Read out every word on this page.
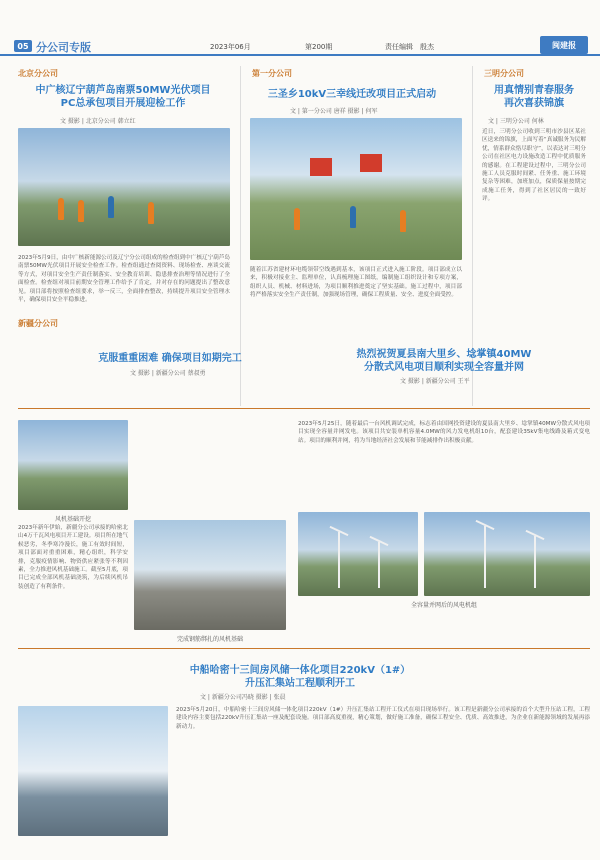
05 分公司专版	2023年06月	第200期	责任编辑 殷杰	闽建报
北京分公司
中广核辽宁葫芦岛南票50MW光伏项目
PC总承包项目开展迎检工作
文 摄影 | 北京分公司 韩立红
2023年5月9日，由中广核新能源公司及辽宁分公司组成的检查组到中广核辽宁葫芦岛南票50MW光伏项目开展安全检查工作。检查组通过查阅资料、现场检查、座谈交流等方式，对项目安全生产责任制落实、安全教育培训、隐患排查治理等情况进行了全面检查。检查组对项目前期安全管理工作给予了肯定，并对存在的问题提出了整改意见。项目部将按照检查组要求，举一反三，全面排查整改，持续提升项目安全管理水平，确保项目安全平稳推进。
第一分公司
三圣乡10kV三幸线迁改项目正式启动
文 | 第一分公司 唐祥 摄影 | 何军
随着江苏省建材环电缆领带空线遇到基本，该项目正式进入施工阶段。项目部成立以来，积极对接业主、监理单位，认真梳理施工图纸，编制施工组织设计和专项方案，组织人员、机械、材料进场，为项目顺利推进奠定了坚实基础。施工过程中，项目部将严格落实安全生产责任制，加强现场管理，确保工程质量、安全、进度全面受控。
三明分公司
用真情别青春服务
再次喜获锦旗
文 | 三明分公司 何林
近日，三明分公司收到三明市沙县区某社区送来的锦旗，上面写着“真诚服务为民解忧，情系群众恪尽职守”，以表达对三明分公司在社区电力设施改造工程中优质服务的感谢。在工程建设过程中，三明分公司施工人员克服时间紧、任务重、施工环境复杂等困难，加班加点，保质保量按期完成施工任务，得到了社区居民的一致好评。
新疆分公司
克服重重困难 确保项目如期完工
文 摄影 | 新疆分公司 蔡叔勇
风机基础开挖
完成钢筋绑扎的风机基础
2023年新年伊始，新疆分公司承接的哈密北山4万千瓦风电项目开工建设。项目所在地气候恶劣，冬季寒冷漫长，施工有效时间短，项目部面对重重困难，精心组织，科学安排，克服疫情影响、物资供应紧张等不利因素，全力推进风机基础施工。截至5月底，项目已完成全部风机基础浇筑，为后续风机吊装创造了有利条件。
热烈祝贺夏县南大里乡、埝掌镇40MW
分散式风电项目顺利实现全容量并网
文 摄影 | 新疆分公司 王平
2023年5月25日，随着最后一台风机调试完成，标志着由国网投资建设的夏县南大里乡、埝掌镇40MW分散式风电项目实现全容量并网发电。该项目共安装单机容量4.0MW的风力发电机组10台，配套建设35kV集电线路及箱式变电站。项目的顺利并网，将为当地经济社会发展和节能减排作出积极贡献。
全容量并网后的风电机组
中船哈密十三间房风储一体化项目220kV（1#）
升压汇集站工程顺利开工
文 | 新疆分公司冯晓 摄影 | 张晨
2023年5月20日，中船哈密十三间房风储一体化项目220kV（1#）升压汇集站工程开工仪式在项目现场举行。该工程是新疆分公司承接的首个大型升压站工程，工程建设内容主要包括220kV升压汇集站一座及配套设施。项目部高度重视，精心策划，做好施工准备，确保工程安全、优质、高效推进，为企业在新能源领域的发展再添新动力。
